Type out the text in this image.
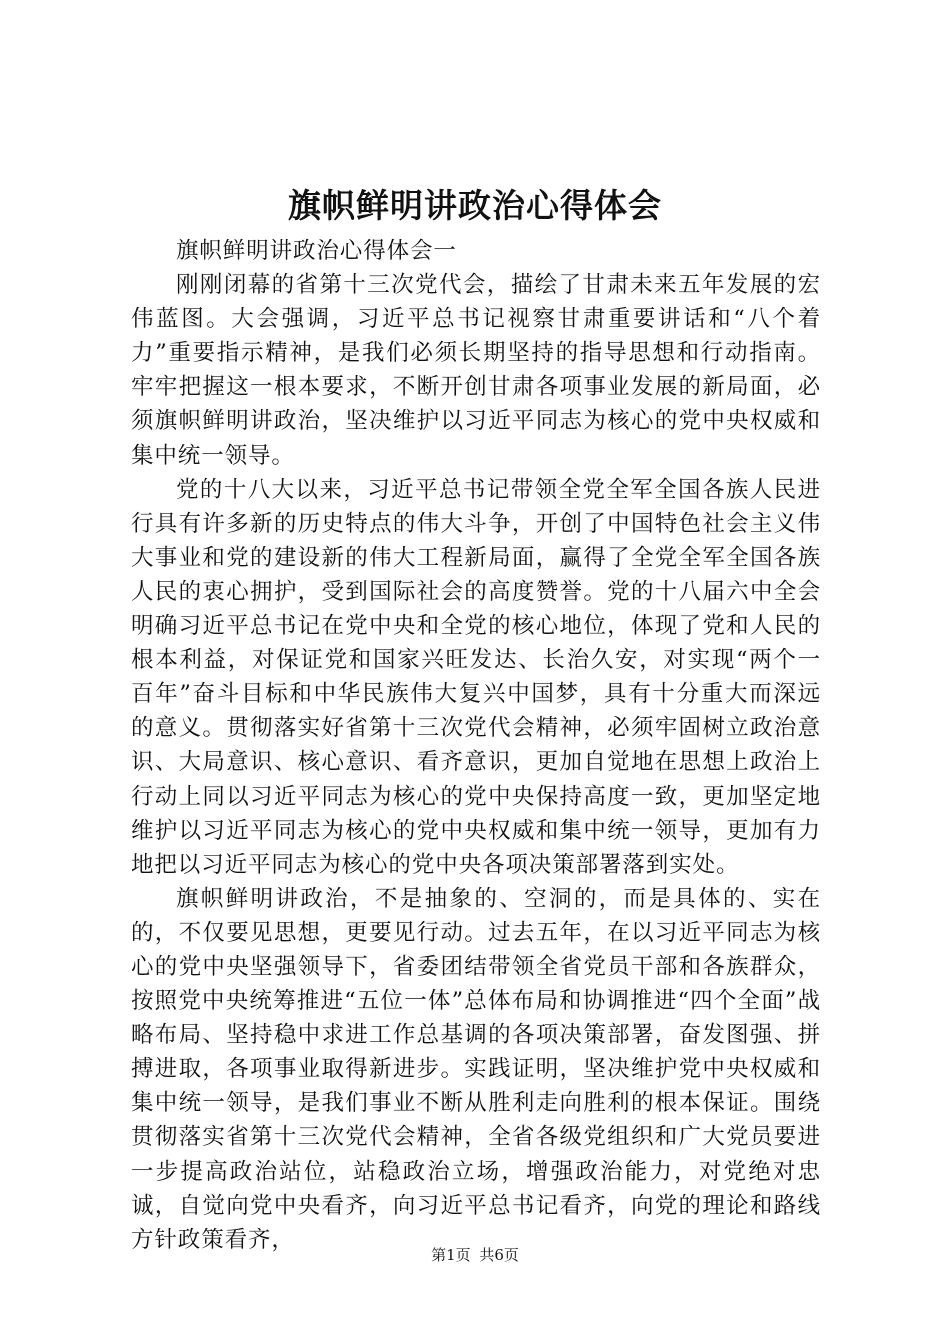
旗帜鲜明讲政治心得体会

旗帜鲜明讲政治心得体会一

刚刚闭幕的省第十三次党代会，描绘了甘肃未来五年发展的宏伟蓝图。大会强调，习近平总书记视察甘肃重要讲话和“八个着力”重要指示精神，是我们必须长期坚持的指导思想和行动指南。牢牢把握这一根本要求，不断开创甘肃各项事业发展的新局面，必须旗帜鲜明讲政治，坚决维护以习近平同志为核心的党中央权威和集中统一领导。

党的十八大以来，习近平总书记带领全党全军全国各族人民进行具有许多新的历史特点的伟大斗争，开创了中国特色社会主义伟大事业和党的建设新的伟大工程新局面，赢得了全党全军全国各族人民的衷心拥护，受到国际社会的高度赞誉。党的十八届六中全会明确习近平总书记在党中央和全党的核心地位，体现了党和人民的根本利益，对保证党和国家兴旺发达、长治久安，对实现“两个一百年”奋斗目标和中华民族伟大复兴中国梦，具有十分重大而深远的意义。贯彻落实好省第十三次党代会精神，必须牢固树立政治意识、大局意识、核心意识、看齐意识，更加自觉地在思想上政治上行动上同以习近平同志为核心的党中央保持高度一致，更加坚定地维护以习近平同志为核心的党中央权威和集中统一领导，更加有力地把以习近平同志为核心的党中央各项决策部署落到实处。

旗帜鲜明讲政治，不是抽象的、空洞的，而是具体的、实在的，不仅要见思想，更要见行动。过去五年，在以习近平同志为核心的党中央坚强领导下，省委团结带领全省党员干部和各族群众，按照党中央统筹推进“五位一体”总体布局和协调推进“四个全面”战略布局、坚持稳中求进工作总基调的各项决策部署，奋发图强、拼搏进取，各项事业取得新进步。实践证明，坚决维护党中央权威和集中统一领导，是我们事业不断从胜利走向胜利的根本保证。围绕贯彻落实省第十三次党代会精神，全省各级党组织和广大党员要进一步提高政治站位，站稳政治立场，增强政治能力，对党绝对忠诚，自觉向党中央看齐，向习近平总书记看齐，向党的理论和路线方针政策看齐，

第1页 共6页
